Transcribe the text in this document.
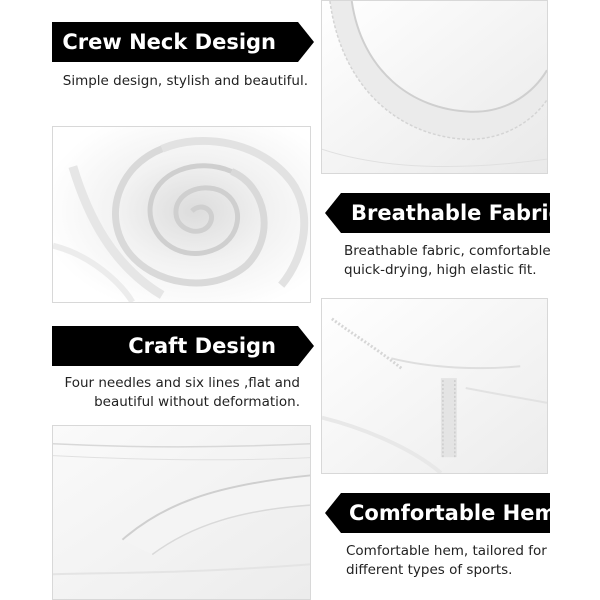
Crew Neck Design
Simple design, stylish and beautiful.
Breathable Fabric
Breathable fabric, comfortable
quick-drying, high elastic fit.
Craft Design
Four needles and six lines ,flat and
beautiful without deformation.
Comfortable Hem
Comfortable hem, tailored for
different types of sports.
